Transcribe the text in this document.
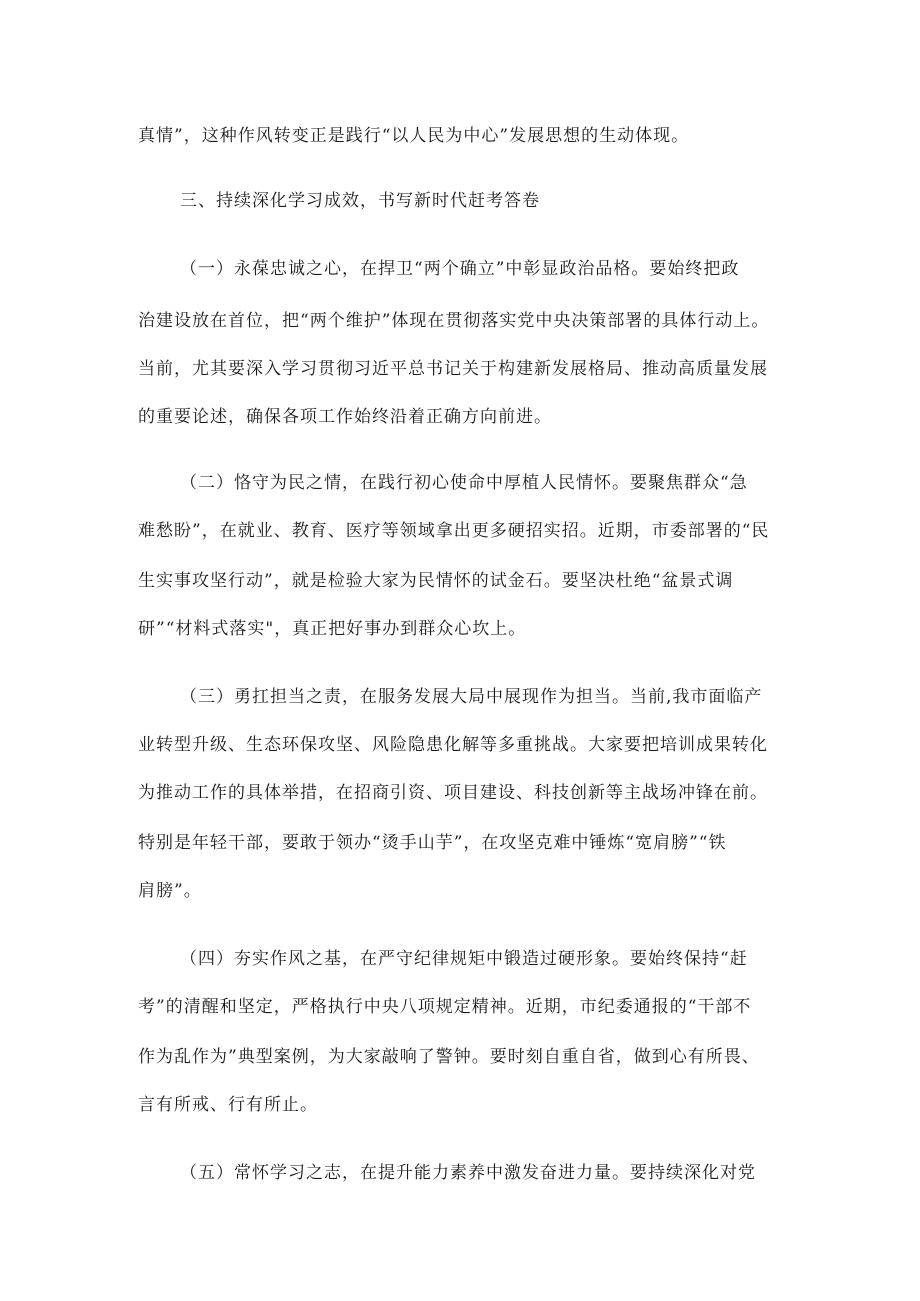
真情”，这种作风转变正是践行“以人民为中心”发展思想的生动体现。
三、持续深化学习成效，书写新时代赶考答卷
（一）永葆忠诚之心，在捍卫“两个确立”中彰显政治品格。要始终把政
治建设放在首位，把“两个维护”体现在贯彻落实党中央决策部署的具体行动上。
当前，尤其要深入学习贯彻习近平总书记关于构建新发展格局、推动高质量发展
的重要论述，确保各项工作始终沿着正确方向前进。
（二）恪守为民之情，在践行初心使命中厚植人民情怀。要聚焦群众“急
难愁盼”，在就业、教育、医疗等领域拿出更多硬招实招。近期，市委部署的“民
生实事攻坚行动”，就是检验大家为民情怀的试金石。要坚决杜绝“盆景式调
研”“材料式落实"，真正把好事办到群众心坎上。
（三）勇扛担当之责，在服务发展大局中展现作为担当。当前,我市面临产
业转型升级、生态环保攻坚、风险隐患化解等多重挑战。大家要把培训成果转化
为推动工作的具体举措，在招商引资、项目建设、科技创新等主战场冲锋在前。
特别是年轻干部，要敢于领办“烫手山芋”，在攻坚克难中锤炼“宽肩膀”“铁
肩膀”。
（四）夯实作风之基，在严守纪律规矩中锻造过硬形象。要始终保持“赶
考”的清醒和坚定，严格执行中央八项规定精神。近期，市纪委通报的“干部不
作为乱作为”典型案例，为大家敲响了警钟。要时刻自重自省，做到心有所畏、
言有所戒、行有所止。
（五）常怀学习之志，在提升能力素养中激发奋进力量。要持续深化对党
